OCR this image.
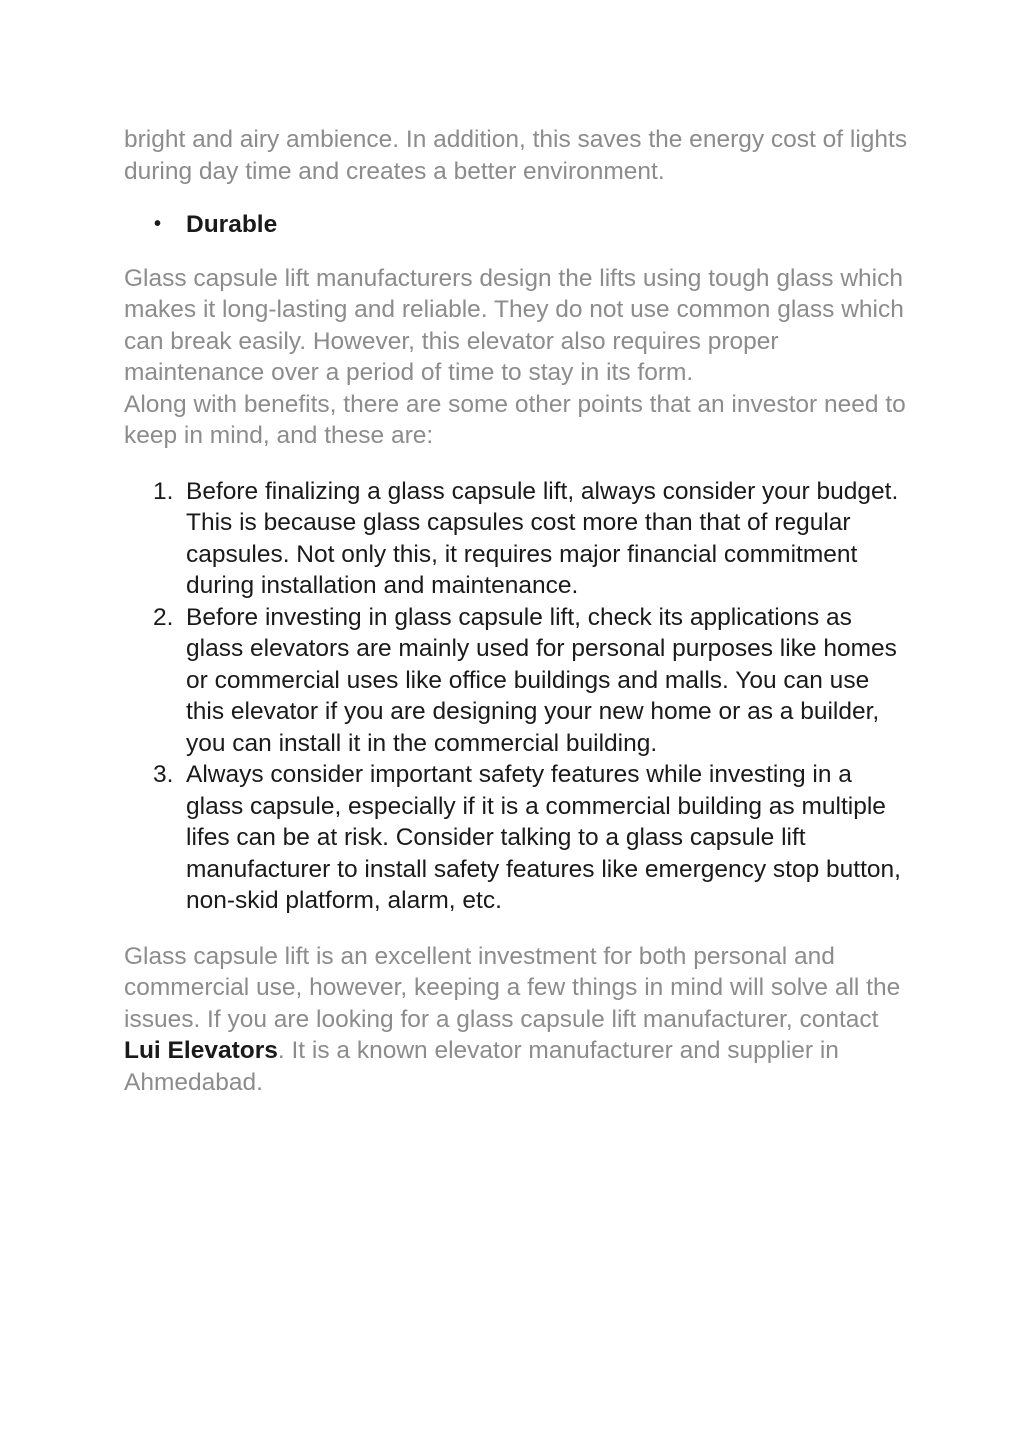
bright and airy ambience. In addition, this saves the energy cost of lights during day time and creates a better environment.

• Durable

Glass capsule lift manufacturers design the lifts using tough glass which makes it long-lasting and reliable. They do not use common glass which can break easily. However, this elevator also requires proper maintenance over a period of time to stay in its form.

Along with benefits, there are some other points that an investor need to keep in mind, and these are:

1. Before finalizing a glass capsule lift, always consider your budget. This is because glass capsules cost more than that of regular capsules. Not only this, it requires major financial commitment during installation and maintenance.
2. Before investing in glass capsule lift, check its applications as glass elevators are mainly used for personal purposes like homes or commercial uses like office buildings and malls. You can use this elevator if you are designing your new home or as a builder, you can install it in the commercial building.
3. Always consider important safety features while investing in a glass capsule, especially if it is a commercial building as multiple lifes can be at risk. Consider talking to a glass capsule lift manufacturer to install safety features like emergency stop button, non-skid platform, alarm, etc.

Glass capsule lift is an excellent investment for both personal and commercial use, however, keeping a few things in mind will solve all the issues. If you are looking for a glass capsule lift manufacturer, contact Lui Elevators. It is a known elevator manufacturer and supplier in Ahmedabad.
